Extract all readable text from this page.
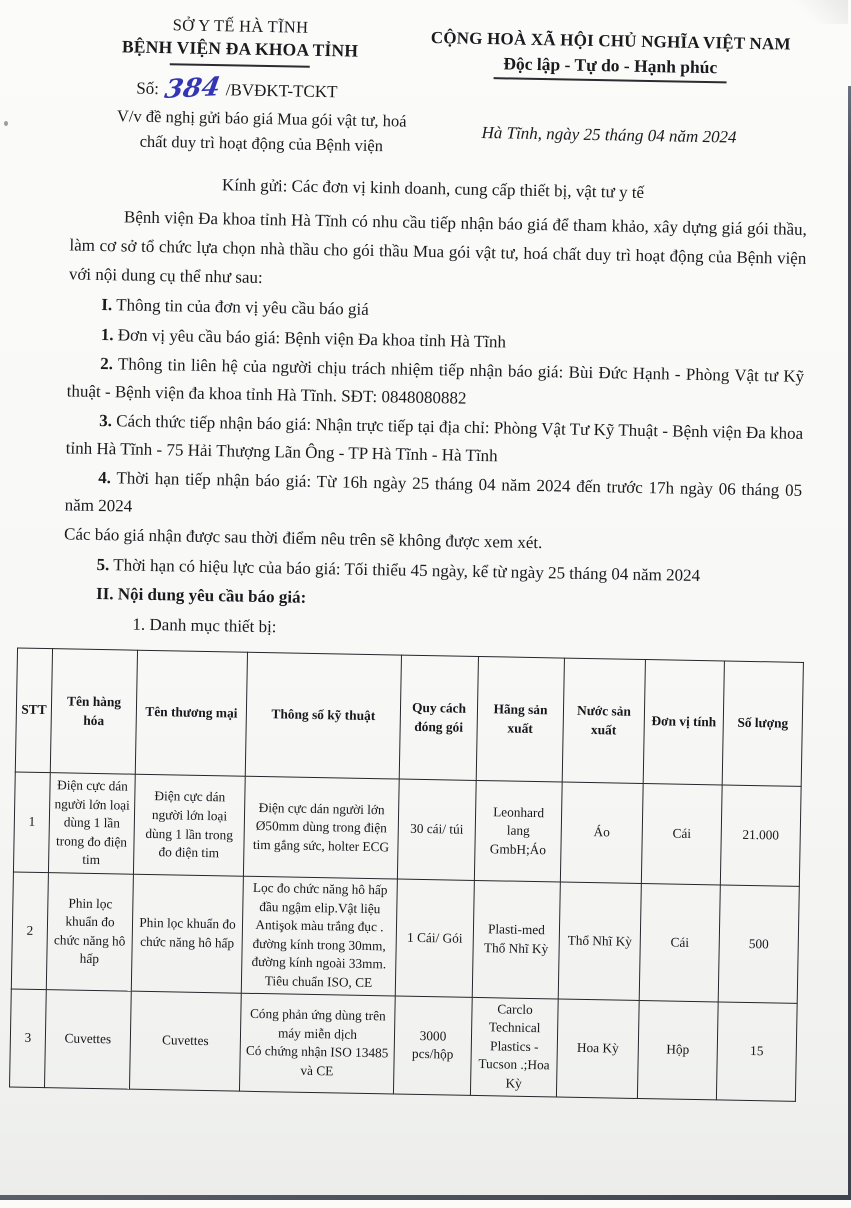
SỞ Y TẾ HÀ TĨNH
BỆNH VIỆN ĐA KHOA TỈNH
Số: 384 /BVĐKT-TCKT
V/v đề nghị gửi báo giá Mua gói vật tư, hoá chất duy trì hoạt động của Bệnh viện
CỘNG HOÀ XÃ HỘI CHỦ NGHĨA VIỆT NAM
Độc lập - Tự do - Hạnh phúc
Hà Tĩnh, ngày 25 tháng 04 năm 2024
Kính gửi: Các đơn vị kinh doanh, cung cấp thiết bị, vật tư y tế

Bệnh viện Đa khoa tỉnh Hà Tĩnh có nhu cầu tiếp nhận báo giá để tham khảo, xây dựng giá gói thầu, làm cơ sở tổ chức lựa chọn nhà thầu cho gói thầu Mua gói vật tư, hoá chất duy trì hoạt động của Bệnh viện với nội dung cụ thể như sau:

I. Thông tin của đơn vị yêu cầu báo giá

1. Đơn vị yêu cầu báo giá: Bệnh viện Đa khoa tỉnh Hà Tĩnh

2. Thông tin liên hệ của người chịu trách nhiệm tiếp nhận báo giá: Bùi Đức Hạnh - Phòng Vật tư Kỹ thuật - Bệnh viện đa khoa tỉnh Hà Tĩnh. SĐT: 0848080882

3. Cách thức tiếp nhận báo giá: Nhận trực tiếp tại địa chỉ: Phòng Vật Tư Kỹ Thuật - Bệnh viện Đa khoa tỉnh Hà Tĩnh - 75 Hải Thượng Lãn Ông - TP Hà Tĩnh - Hà Tĩnh

4. Thời hạn tiếp nhận báo giá: Từ 16h ngày 25 tháng 04 năm 2024 đến trước 17h ngày 06 tháng 05 năm 2024

Các báo giá nhận được sau thời điểm nêu trên sẽ không được xem xét.

5. Thời hạn có hiệu lực của báo giá: Tối thiểu 45 ngày, kể từ ngày 25 tháng 04 năm 2024

II. Nội dung yêu cầu báo giá:

1. Danh mục thiết bị:

STT	Tên hàng hóa	Tên thương mại	Thông số kỹ thuật	Quy cách đóng gói	Hãng sản xuất	Nước sản xuất	Đơn vị tính	Số lượng
1	Điện cực dán người lớn loại dùng 1 lần trong đo điện tim	Điện cực dán người lớn loại dùng 1 lần trong đo điện tim	Điện cực dán người lớn Ø50mm dùng trong điện tim gắng sức, holter ECG	30 cái/ túi	Leonhard lang GmbH;Áo	Áo	Cái	21.000
2	Phin lọc khuẩn đo chức năng hô hấp	Phin lọc khuẩn đo chức năng hô hấp	Lọc đo chức năng hô hấp đầu ngậm elip.Vật liệu Antişok màu trắng đục . đường kính trong 30mm, đường kính ngoài 33mm. Tiêu chuẩn ISO, CE	1 Cái/ Gói	Plasti-med Thổ Nhĩ Kỳ	Thổ Nhĩ Kỳ	Cái	500
3	Cuvettes	Cuvettes	Cóng phản ứng dùng trên máy miễn dịch
Có chứng nhận ISO 13485 và CE	3000 pcs/hộp	Carclo Technical Plastics - Tucson .;Hoa Kỳ	Hoa Kỳ	Hộp	15
